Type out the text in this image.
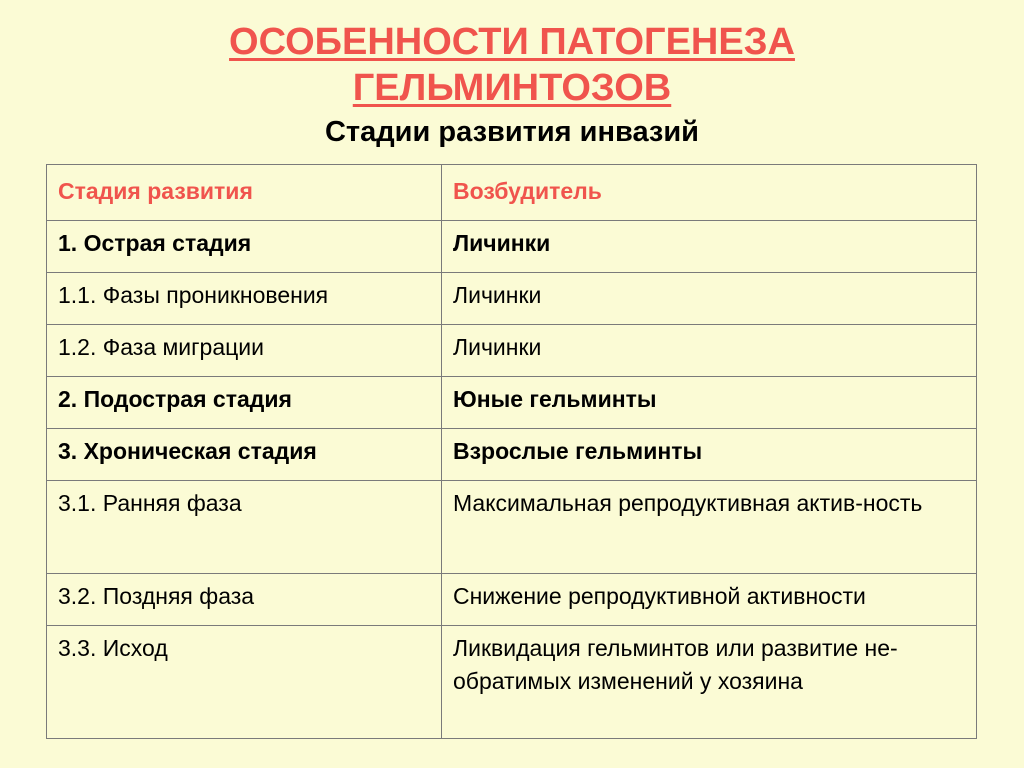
ОСОБЕННОСТИ ПАТОГЕНЕЗА
ГЕЛЬМИНТОЗОВ
Стадии развития инвазий
Стадия развития	Возбудитель
1. Острая стадия	Личинки
1.1. Фазы проникновения	Личинки
1.2. Фаза миграции	Личинки
2. Подострая стадия	Юные гельминты
3. Хроническая стадия	Взрослые гельминты
3.1. Ранняя фаза	Максимальная репродуктивная актив-ность
3.2. Поздняя фаза	Снижение репродуктивной активности
3.3. Исход	Ликвидация гельминтов или развитие не-обратимых изменений у хозяина
